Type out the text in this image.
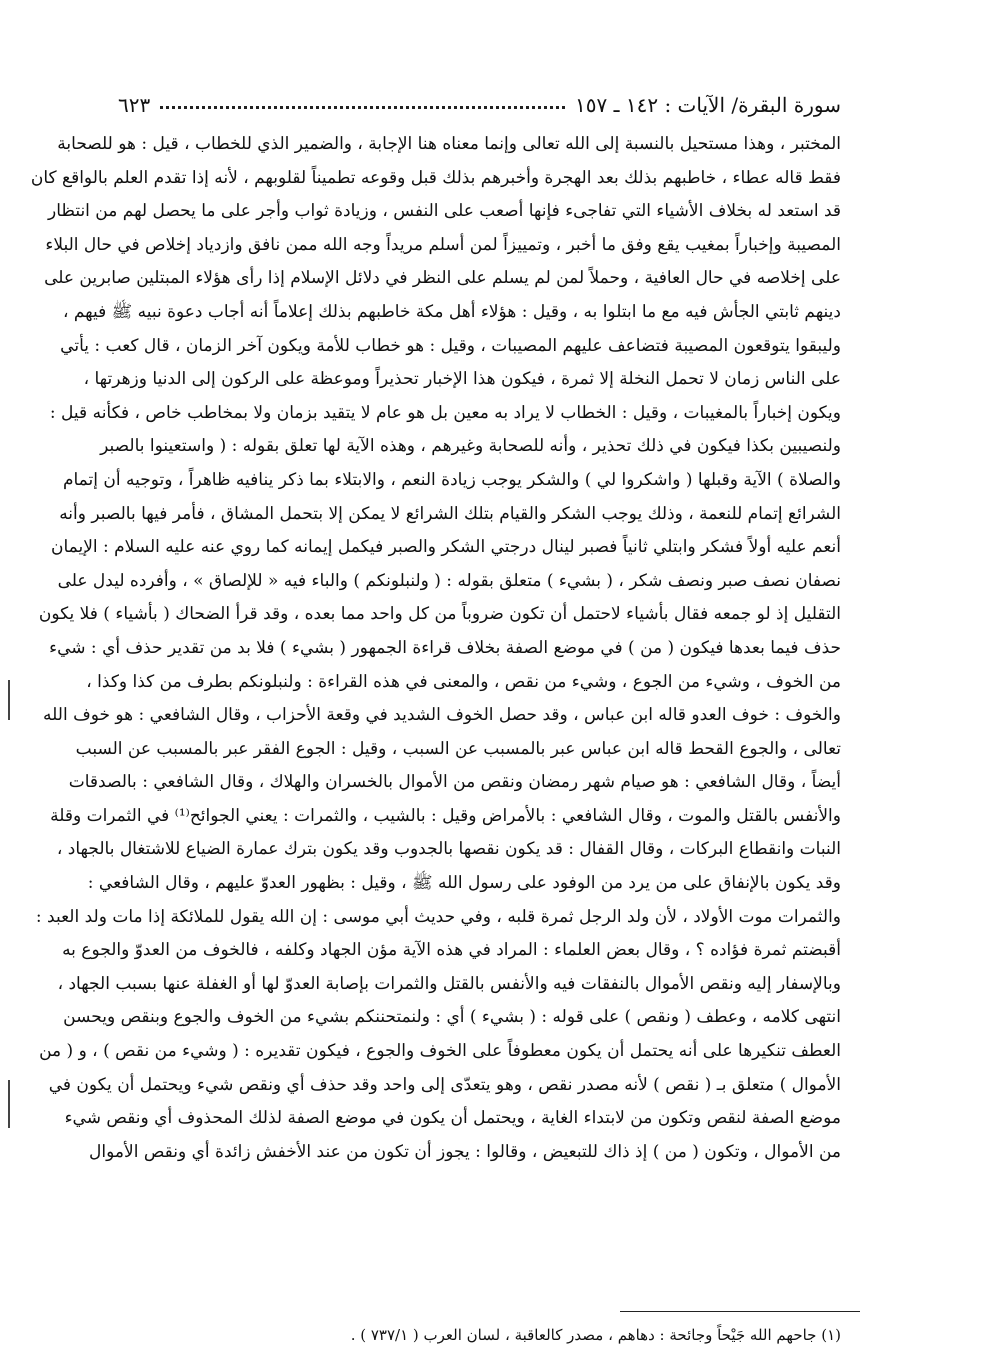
سورة البقرة/ الآيات : ١٤٢ ـ ١٥٧
٦٢٣
المختبر ، وهذا مستحيل بالنسبة إلى الله تعالى وإنما معناه هنا الإجابة ، والضمير الذي للخطاب ، قيل : هو للصحابة
فقط قاله عطاء ، خاطبهم بذلك بعد الهجرة وأخبرهم بذلك قبل وقوعه تطميناً لقلوبهم ، لأنه إذا تقدم العلم بالواقع كان
قد استعد له بخلاف الأشياء التي تفاجىء فإنها أصعب على النفس ، وزيادة ثواب وأجر على ما يحصل لهم من انتظار
المصيبة وإخباراً بمغيب يقع وفق ما أخبر ، وتمييزاً لمن أسلم مريداً وجه الله ممن نافق وازدياد إخلاص في حال البلاء
على إخلاصه في حال العافية ، وحملاً لمن لم يسلم على النظر في دلائل الإسلام إذا رأى هؤلاء المبتلين صابرين على
دينهم ثابتي الجأش فيه مع ما ابتلوا به ، وقيل : هؤلاء أهل مكة خاطبهم بذلك إعلاماً أنه أجاب دعوة نبيه ﷺ فيهم ،
وليبقوا يتوقعون المصيبة فتضاعف عليهم المصيبات ، وقيل : هو خطاب للأمة ويكون آخر الزمان ، قال كعب : يأتي
على الناس زمان لا تحمل النخلة إلا ثمرة ، فيكون هذا الإخبار تحذيراً وموعظة على الركون إلى الدنيا وزهرتها ،
ويكون إخباراً بالمغيبات ، وقيل : الخطاب لا يراد به معين بل هو عام لا يتقيد بزمان ولا بمخاطب خاص ، فكأنه قيل :
ولنصيبين بكذا فيكون في ذلك تحذير ، وأنه للصحابة وغيرهم ، وهذه الآية لها تعلق بقوله : ( واستعينوا بالصبر
والصلاة ) الآية وقبلها ( واشكروا لي ) والشكر يوجب زيادة النعم ، والابتلاء بما ذكر ينافيه ظاهراً ، وتوجيه أن إتمام
الشرائع إتمام للنعمة ، وذلك يوجب الشكر والقيام بتلك الشرائع لا يمكن إلا بتحمل المشاق ، فأمر فيها بالصبر وأنه
أنعم عليه أولاً فشكر وابتلي ثانياً فصبر لينال درجتي الشكر والصبر فيكمل إيمانه كما روي عنه عليه السلام : الإيمان
نصفان نصف صبر ونصف شكر ، ( بشيء ) متعلق بقوله : ( ولنبلونكم ) والباء فيه « للإلصاق » ، وأفرده ليدل على
التقليل إذ لو جمعه فقال بأشياء لاحتمل أن تكون ضروباً من كل واحد مما بعده ، وقد قرأ الضحاك ( بأشياء ) فلا يكون
حذف فيما بعدها فيكون ( من ) في موضع الصفة بخلاف قراءة الجمهور ( بشيء ) فلا بد من تقدير حذف أي : شيء
من الخوف ، وشيء من الجوع ، وشيء من نقص ، والمعنى في هذه القراءة : ولنبلونكم بطرف من كذا وكذا ،
والخوف : خوف العدو قاله ابن عباس ، وقد حصل الخوف الشديد في وقعة الأحزاب ، وقال الشافعي : هو خوف الله
تعالى ، والجوع القحط قاله ابن عباس عبر بالمسبب عن السبب ، وقيل : الجوع الفقر عبر بالمسبب عن السبب
أيضاً ، وقال الشافعي : هو صيام شهر رمضان ونقص من الأموال بالخسران والهلاك ، وقال الشافعي : بالصدقات
والأنفس بالقتل والموت ، وقال الشافعي : بالأمراض وقيل : بالشيب ، والثمرات : يعني الجوائح⁽¹⁾ في الثمرات وقلة
النبات وانقطاع البركات ، وقال القفال : قد يكون نقصها بالجدوب وقد يكون بترك عمارة الضياع للاشتغال بالجهاد ،
وقد يكون بالإنفاق على من يرد من الوفود على رسول الله ﷺ ، وقيل : بظهور العدوّ عليهم ، وقال الشافعي :
والثمرات موت الأولاد ، لأن ولد الرجل ثمرة قلبه ، وفي حديث أبي موسى : إن الله يقول للملائكة إذا مات ولد العبد :
أقبضتم ثمرة فؤاده ؟ ، وقال بعض العلماء : المراد في هذه الآية مؤن الجهاد وكلفه ، فالخوف من العدوّ والجوع به
وبالإسفار إليه ونقص الأموال بالنفقات فيه والأنفس بالقتل والثمرات بإصابة العدوّ لها أو الغفلة عنها بسبب الجهاد ،
انتهى كلامه ، وعطف ( ونقص ) على قوله : ( بشيء ) أي : ولنمتحننكم بشيء من الخوف والجوع وبنقص ويحسن
العطف تنكيرها على أنه يحتمل أن يكون معطوفاً على الخوف والجوع ، فيكون تقديره : ( وشيء من نقص ) ، و ( من
الأموال ) متعلق بـ ( نقص ) لأنه مصدر نقص ، وهو يتعدّى إلى واحد وقد حذف أي ونقص شيء ويحتمل أن يكون في
موضع الصفة لنقص وتكون من لابتداء الغاية ، ويحتمل أن يكون في موضع الصفة لذلك المحذوف أي ونقص شيء
من الأموال ، وتكون ( من ) إذ ذاك للتبعيض ، وقالوا : يجوز أن تكون من عند الأخفش زائدة أي ونقص الأموال
(١) جاحهم الله جَيْحاً وجائحة : دهاهم ، مصدر كالعاقبة ، لسان العرب ( ٧٣٧/١ ) .
